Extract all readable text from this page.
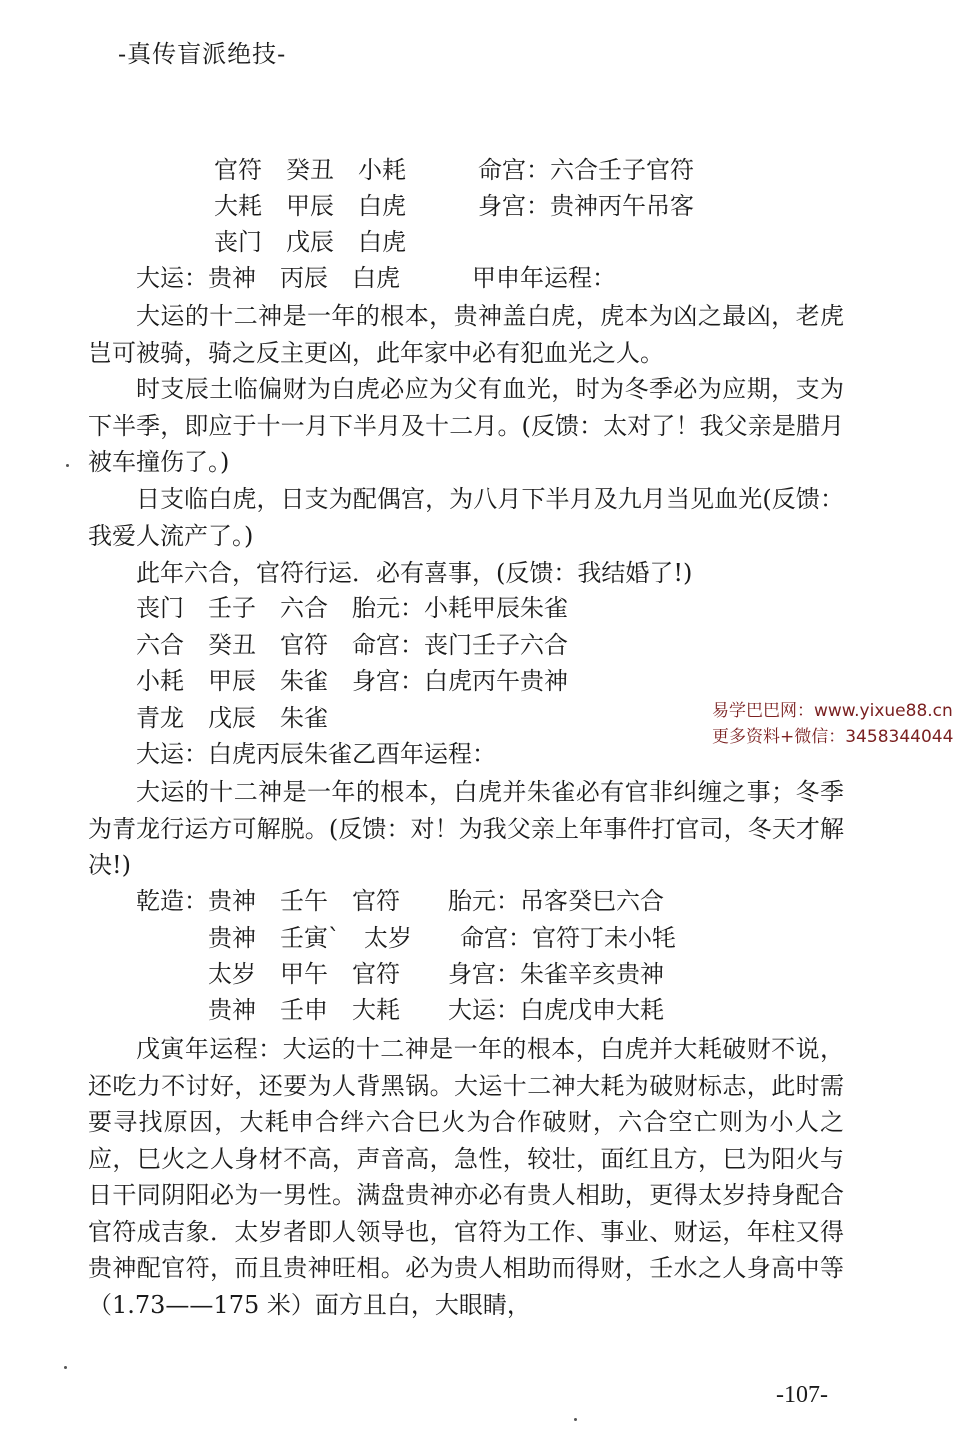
-真传盲派绝技-
官符　癸丑　小耗　　　命宫：六合壬子官符
大耗　甲辰　白虎　　　身宫：贵神丙午吊客
丧门　戊辰　白虎
大运：贵神　丙辰　白虎　　　甲申年运程：
大运的十二神是一年的根本，贵神盖白虎，虎本为凶之最凶，老虎岂可被骑，骑之反主更凶，此年家中必有犯血光之人。
时支辰土临偏财为白虎必应为父有血光，时为冬季必为应期，支为下半季，即应于十一月下半月及十二月。(反馈：太对了！我父亲是腊月被车撞伤了。)
日支临白虎，日支为配偶宫，为八月下半月及九月当见血光(反馈：我爱人流产了。)
此年六合，官符行运．必有喜事，(反馈：我结婚了!)
丧门　壬子　六合　胎元：小耗甲辰朱雀
六合　癸丑　官符　命宫：丧门壬子六合
小耗　甲辰　朱雀　身宫：白虎丙午贵神
青龙　戊辰　朱雀
大运：白虎丙辰朱雀乙酉年运程：
大运的十二神是一年的根本，白虎并朱雀必有官非纠缠之事；冬季为青龙行运方可解脱。(反馈：对！为我父亲上年事件打官司，冬天才解决!)
乾造：贵神　壬午　官符　　胎元：吊客癸巳六合
　　　贵神　壬寅`　太岁　　命宫：官符丁未小牦
　　　太岁　甲午　官符　　身宫：朱雀辛亥贵神
　　　贵神　壬申　大耗　　大运：白虎戊申大耗
戊寅年运程：大运的十二神是一年的根本，白虎并大耗破财不说，还吃力不讨好，还要为人背黑锅。大运十二神大耗为破财标志，此时需要寻找原因，大耗申合绊六合巳火为合作破财，六合空亡则为小人之应，巳火之人身材不高，声音高，急性，较壮，面红且方，巳为阳火与日干同阴阳必为一男性。满盘贵神亦必有贵人相助，更得太岁持身配合官符成吉象．太岁者即人领导也，官符为工作、事业、财运，年柱又得贵神配官符，而且贵神旺相。必为贵人相助而得财，壬水之人身高中等（1.73——175 米）面方且白，大眼睛，
易学巴巴网：www.yixue88.cn
更多资料+微信：3458344044
-107-
